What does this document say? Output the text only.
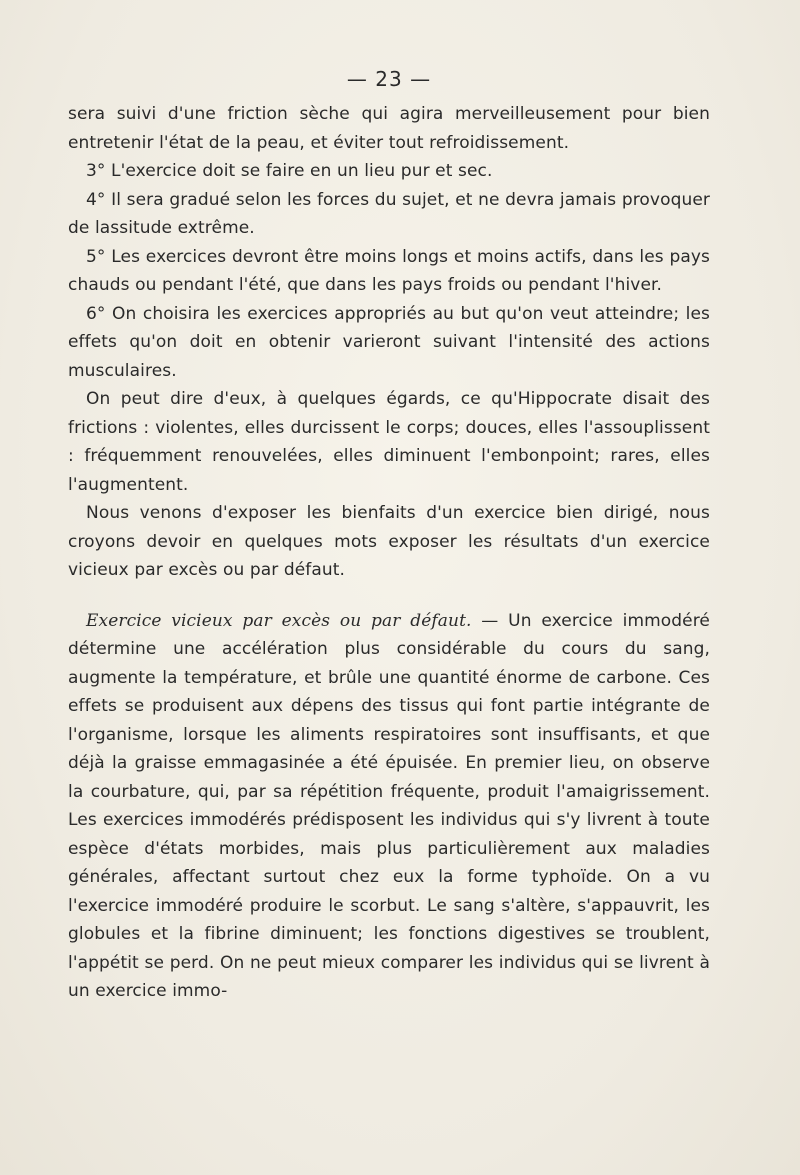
— 23 —

sera suivi d'une friction sèche qui agira merveilleusement pour bien entretenir l'état de la peau, et éviter tout refroidissement.

3° L'exercice doit se faire en un lieu pur et sec.

4° Il sera gradué selon les forces du sujet, et ne devra jamais provoquer de lassitude extrême.

5° Les exercices devront être moins longs et moins actifs, dans les pays chauds ou pendant l'été, que dans les pays froids ou pendant l'hiver.

6° On choisira les exercices appropriés au but qu'on veut atteindre; les effets qu'on doit en obtenir varieront suivant l'intensité des actions musculaires.

On peut dire d'eux, à quelques égards, ce qu'Hippocrate disait des frictions : violentes, elles durcissent le corps; douces, elles l'assouplissent : fréquemment renouvelées, elles diminuent l'embonpoint; rares, elles l'augmentent.

Nous venons d'exposer les bienfaits d'un exercice bien dirigé, nous croyons devoir en quelques mots exposer les résultats d'un exercice vicieux par excès ou par défaut.

Exercice vicieux par excès ou par défaut. — Un exercice immodéré détermine une accélération plus considérable du cours du sang, augmente la température, et brûle une quantité énorme de carbone. Ces effets se produisent aux dépens des tissus qui font partie intégrante de l'organisme, lorsque les aliments respiratoires sont insuffisants, et que déjà la graisse emmagasinée a été épuisée. En premier lieu, on observe la courbature, qui, par sa répétition fréquente, produit l'amaigrissement. Les exercices immodérés prédisposent les individus qui s'y livrent à toute espèce d'états morbides, mais plus particulièrement aux maladies générales, affectant surtout chez eux la forme typhoïde. On a vu l'exercice immodéré produire le scorbut. Le sang s'altère, s'appauvrit, les globules et la fibrine diminuent; les fonctions digestives se troublent, l'appétit se perd. On ne peut mieux comparer les individus qui se livrent à un exercice immo-
